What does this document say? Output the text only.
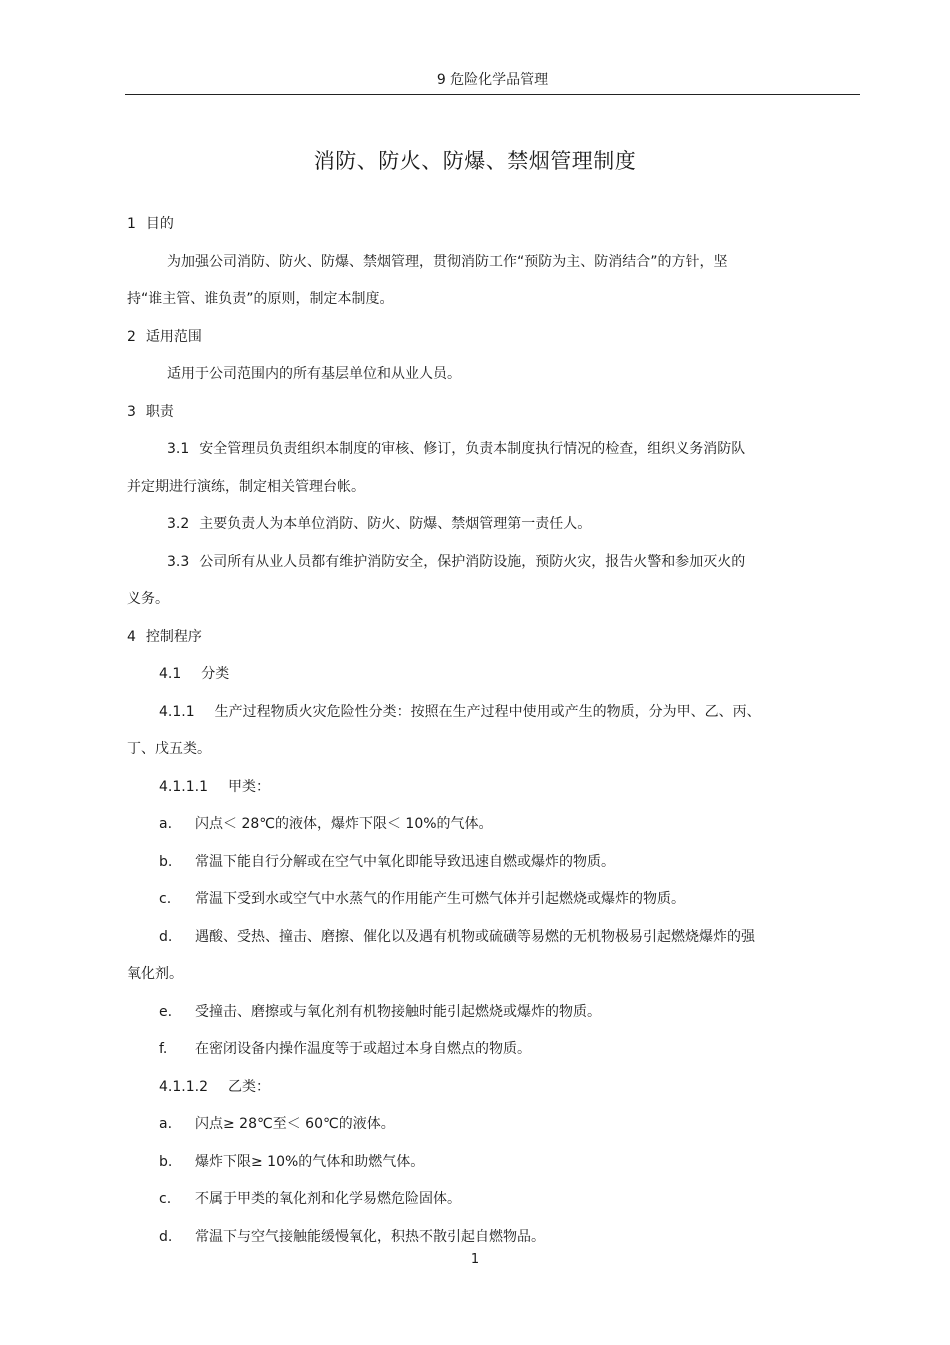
9 危险化学品管理
消防、防火、防爆、禁烟管理制度
1 目的
为加强公司消防、防火、防爆、禁烟管理，贯彻消防工作“预防为主、防消结合”的方针，坚
持“谁主管、谁负责”的原则，制定本制度。
2 适用范围
适用于公司范围内的所有基层单位和从业人员。
3 职责
3.1 安全管理员负责组织本制度的审核、修订，负责本制度执行情况的检查，组织义务消防队
并定期进行演练，制定相关管理台帐。
3.2 主要负责人为本单位消防、防火、防爆、禁烟管理第一责任人。
3.3 公司所有从业人员都有维护消防安全，保护消防设施，预防火灾，报告火警和参加灭火的
义务。
4 控制程序
4.1 分类
4.1.1 生产过程物质火灾危险性分类：按照在生产过程中使用或产生的物质，分为甲、乙、丙、
丁、戊五类。
4.1.1.1 甲类：
a. 闪点＜ 28℃的液体，爆炸下限＜ 10%的气体。
b. 常温下能自行分解或在空气中氧化即能导致迅速自燃或爆炸的物质。
c. 常温下受到水或空气中水蒸气的作用能产生可燃气体并引起燃烧或爆炸的物质。
d. 遇酸、受热、撞击、磨擦、催化以及遇有机物或硫磺等易燃的无机物极易引起燃烧爆炸的强
氧化剂。
e. 受撞击、磨擦或与氧化剂有机物接触时能引起燃烧或爆炸的物质。
f. 在密闭设备内操作温度等于或超过本身自燃点的物质。
4.1.1.2 乙类：
a. 闪点≥ 28℃至＜ 60℃的液体。
b. 爆炸下限≥ 10%的气体和助燃气体。
c. 不属于甲类的氧化剂和化学易燃危险固体。
d. 常温下与空气接触能缓慢氧化，积热不散引起自燃物品。
1
